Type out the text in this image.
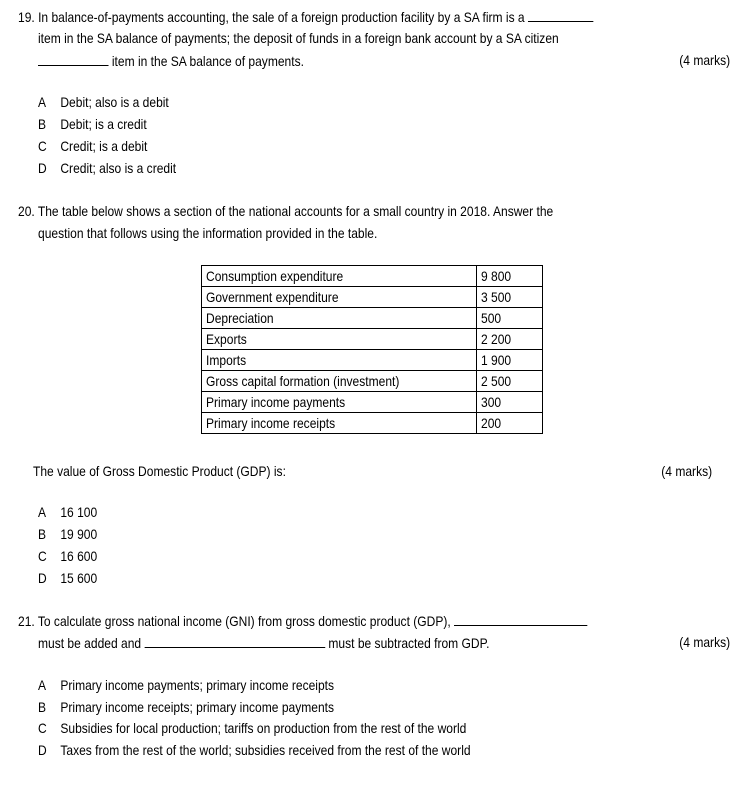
19. In balance-of-payments accounting, the sale of a foreign production facility by a SA firm is a
item in the SA balance of payments; the deposit of funds in a foreign bank account by a SA citizen
item in the SA balance of payments.	(4 marks)
A Debit; also is a debit
B Debit; is a credit
C Credit; is a debit
D Credit; also is a credit
20. The table below shows a section of the national accounts for a small country in 2018. Answer the
question that follows using the information provided in the table.
Consumption expenditure	9 800
Government expenditure	3 500
Depreciation	500
Exports	2 200
Imports	1 900
Gross capital formation (investment)	2 500
Primary income payments	300
Primary income receipts	200
The value of Gross Domestic Product (GDP) is:	(4 marks)
A 16 100
B 19 900
C 16 600
D 15 600
21. To calculate gross national income (GNI) from gross domestic product (GDP),
must be added and	must be subtracted from GDP.	(4 marks)
A Primary income payments; primary income receipts
B Primary income receipts; primary income payments
C Subsidies for local production; tariffs on production from the rest of the world
D Taxes from the rest of the world; subsidies received from the rest of the world
